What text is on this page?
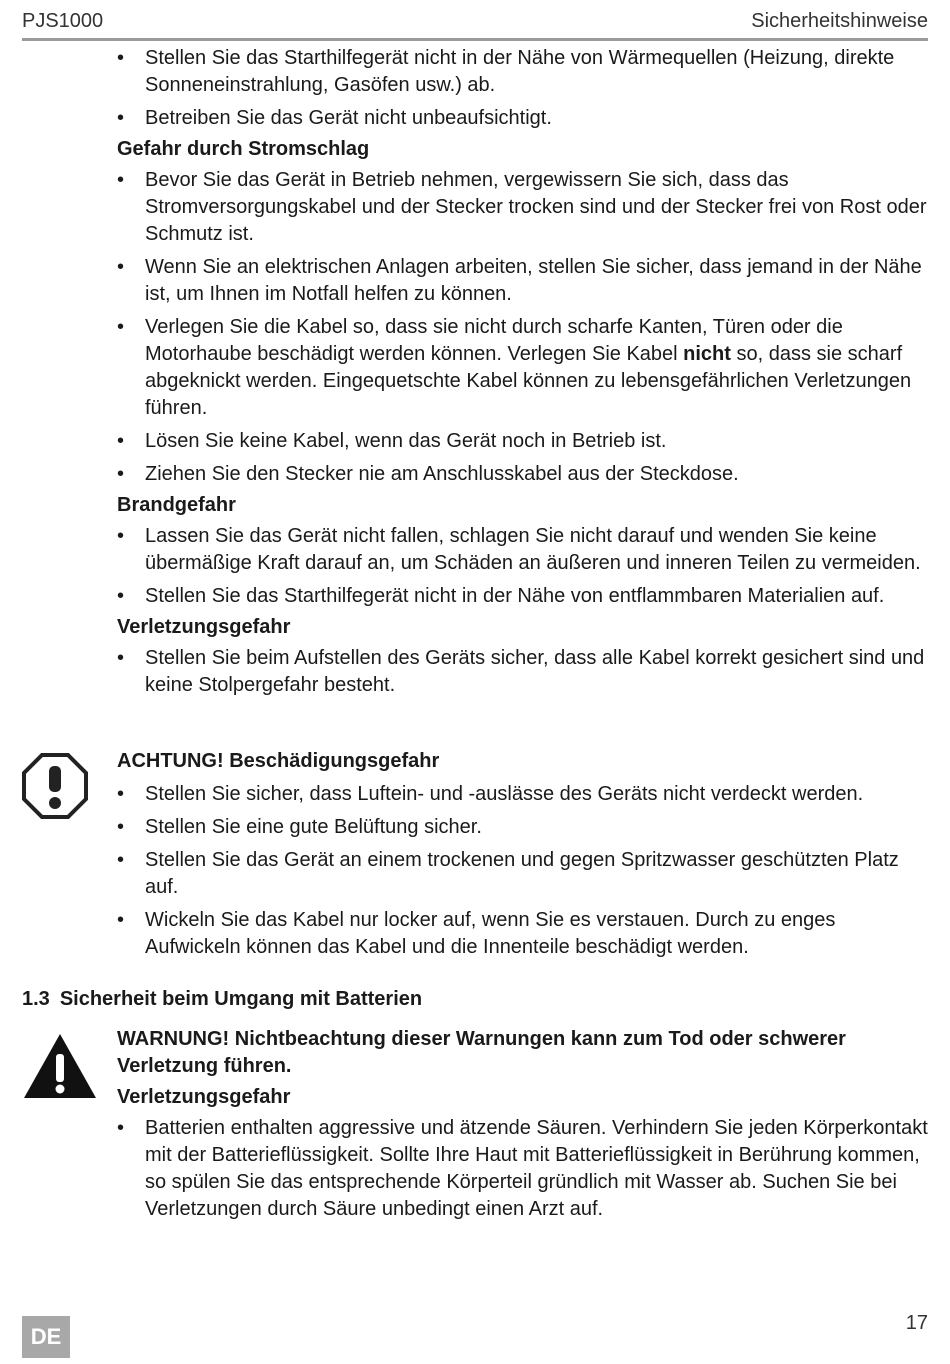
PJS1000	Sicherheitshinweise
• Stellen Sie das Starthilfegerät nicht in der Nähe von Wärmequellen (Heizung, direkte Sonneneinstrahlung, Gasöfen usw.) ab.
• Betreiben Sie das Gerät nicht unbeaufsichtigt.
Gefahr durch Stromschlag
• Bevor Sie das Gerät in Betrieb nehmen, vergewissern Sie sich, dass das Stromversorgungskabel und der Stecker trocken sind und der Stecker frei von Rost oder Schmutz ist.
• Wenn Sie an elektrischen Anlagen arbeiten, stellen Sie sicher, dass jemand in der Nähe ist, um Ihnen im Notfall helfen zu können.
• Verlegen Sie die Kabel so, dass sie nicht durch scharfe Kanten, Türen oder die Motorhaube beschädigt werden können. Verlegen Sie Kabel nicht so, dass sie scharf abgeknickt werden. Eingequetschte Kabel können zu lebensgefährlichen Verletzungen führen.
• Lösen Sie keine Kabel, wenn das Gerät noch in Betrieb ist.
• Ziehen Sie den Stecker nie am Anschlusskabel aus der Steckdose.
Brandgefahr
• Lassen Sie das Gerät nicht fallen, schlagen Sie nicht darauf und wenden Sie keine übermäßige Kraft darauf an, um Schäden an äußeren und inneren Teilen zu vermeiden.
• Stellen Sie das Starthilfegerät nicht in der Nähe von entflammbaren Materialien auf.
Verletzungsgefahr
• Stellen Sie beim Aufstellen des Geräts sicher, dass alle Kabel korrekt gesichert sind und keine Stolpergefahr besteht.
ACHTUNG! Beschädigungsgefahr
• Stellen Sie sicher, dass Luftein- und -auslässe des Geräts nicht verdeckt werden.
• Stellen Sie eine gute Belüftung sicher.
• Stellen Sie das Gerät an einem trockenen und gegen Spritzwasser geschützten Platz auf.
• Wickeln Sie das Kabel nur locker auf, wenn Sie es verstauen. Durch zu enges Aufwickeln können das Kabel und die Innenteile beschädigt werden.
1.3 Sicherheit beim Umgang mit Batterien
WARNUNG! Nichtbeachtung dieser Warnungen kann zum Tod oder schwerer Verletzung führen.
Verletzungsgefahr
• Batterien enthalten aggressive und ätzende Säuren. Verhindern Sie jeden Körperkontakt mit der Batterieflüssigkeit. Sollte Ihre Haut mit Batterieflüssigkeit in Berührung kommen, so spülen Sie das entsprechende Körperteil gründlich mit Wasser ab. Suchen Sie bei Verletzungen durch Säure unbedingt einen Arzt auf.
DE
17
